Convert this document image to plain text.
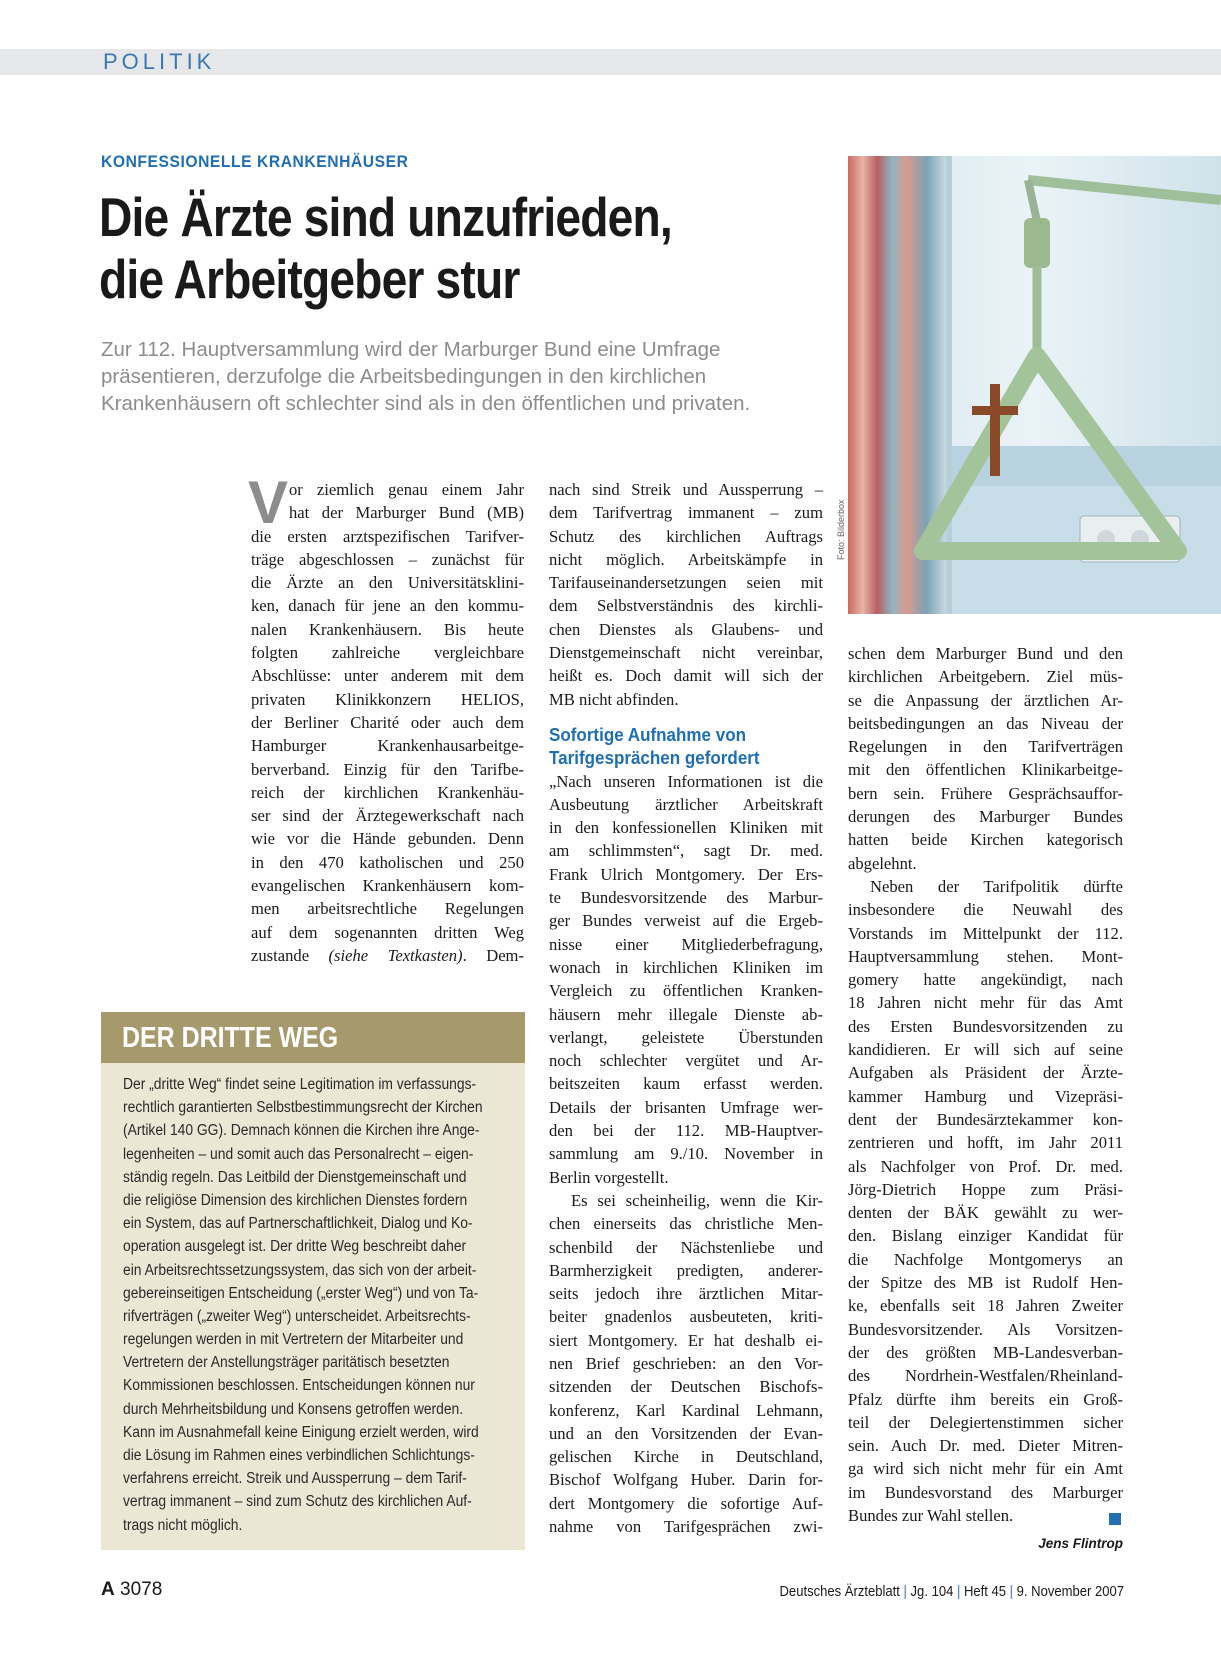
POLITIK
KONFESSIONELLE KRANKENHÄUSER
Die Ärzte sind unzufrieden,
die Arbeitgeber stur
Zur 112. Hauptversammlung wird der Marburger Bund eine Umfrage
präsentieren, derzufolge die Arbeitsbedingungen in den kirchlichen
Krankenhäusern oft schlechter sind als in den öffentlichen und privaten.
Foto: Bilderbox
V or ziemlich genau einem Jahr
hat der Marburger Bund (MB)
die ersten arztspezifischen Tarifver-
träge abgeschlossen – zunächst für
die Ärzte an den Universitätsklini-
ken, danach für jene an den kommu-
nalen Krankenhäusern. Bis heute
folgten zahlreiche vergleichbare
Abschlüsse: unter anderem mit dem
privaten Klinikkonzern HELIOS,
der Berliner Charité oder auch dem
Hamburger Krankenhausarbeitge-
berverband. Einzig für den Tarifbe-
reich der kirchlichen Krankenhäu-
ser sind der Ärztegewerkschaft nach
wie vor die Hände gebunden. Denn
in den 470 katholischen und 250
evangelischen Krankenhäusern kom-
men arbeitsrechtliche Regelungen
auf dem sogenannten dritten Weg
zustande (siehe Textkasten). Dem-
nach sind Streik und Aussperrung –
dem Tarifvertrag immanent – zum
Schutz des kirchlichen Auftrags
nicht möglich. Arbeitskämpfe in
Tarifauseinandersetzungen seien mit
dem Selbstverständnis des kirchli-
chen Dienstes als Glaubens- und
Dienstgemeinschaft nicht vereinbar,
heißt es. Doch damit will sich der
MB nicht abfinden.
Sofortige Aufnahme von
Tarifgesprächen gefordert
„Nach unseren Informationen ist die
Ausbeutung ärztlicher Arbeitskraft
in den konfessionellen Kliniken mit
am schlimmsten“, sagt Dr. med.
Frank Ulrich Montgomery. Der Ers-
te Bundesvorsitzende des Marbur-
ger Bundes verweist auf die Ergeb-
nisse einer Mitgliederbefragung,
wonach in kirchlichen Kliniken im
Vergleich zu öffentlichen Kranken-
häusern mehr illegale Dienste ab-
verlangt, geleistete Überstunden
noch schlechter vergütet und Ar-
beitszeiten kaum erfasst werden.
Details der brisanten Umfrage wer-
den bei der 112. MB-Hauptver-
sammlung am 9./10. November in
Berlin vorgestellt.
Es sei scheinheilig, wenn die Kir-
chen einerseits das christliche Men-
schenbild der Nächstenliebe und
Barmherzigkeit predigten, anderer-
seits jedoch ihre ärztlichen Mitar-
beiter gnadenlos ausbeuteten, kriti-
siert Montgomery. Er hat deshalb ei-
nen Brief geschrieben: an den Vor-
sitzenden der Deutschen Bischofs-
konferenz, Karl Kardinal Lehmann,
und an den Vorsitzenden der Evan-
gelischen Kirche in Deutschland,
Bischof Wolfgang Huber. Darin for-
dert Montgomery die sofortige Auf-
nahme von Tarifgesprächen zwi-
schen dem Marburger Bund und den
kirchlichen Arbeitgebern. Ziel müs-
se die Anpassung der ärztlichen Ar-
beitsbedingungen an das Niveau der
Regelungen in den Tarifverträgen
mit den öffentlichen Klinikarbeitge-
bern sein. Frühere Gesprächsauffor-
derungen des Marburger Bundes
hatten beide Kirchen kategorisch
abgelehnt.
Neben der Tarifpolitik dürfte
insbesondere die Neuwahl des
Vorstands im Mittelpunkt der 112.
Hauptversammlung stehen. Mont-
gomery hatte angekündigt, nach
18 Jahren nicht mehr für das Amt
des Ersten Bundesvorsitzenden zu
kandidieren. Er will sich auf seine
Aufgaben als Präsident der Ärzte-
kammer Hamburg und Vizepräsi-
dent der Bundesärztekammer kon-
zentrieren und hofft, im Jahr 2011
als Nachfolger von Prof. Dr. med.
Jörg-Dietrich Hoppe zum Präsi-
denten der BÄK gewählt zu wer-
den. Bislang einziger Kandidat für
die Nachfolge Montgomerys an
der Spitze des MB ist Rudolf Hen-
ke, ebenfalls seit 18 Jahren Zweiter
Bundesvorsitzender. Als Vorsitzen-
der des größten MB-Landesverban-
des Nordrhein-Westfalen/Rheinland-
Pfalz dürfte ihm bereits ein Groß-
teil der Delegiertenstimmen sicher
sein. Auch Dr. med. Dieter Mitren-
ga wird sich nicht mehr für ein Amt
im Bundesvorstand des Marburger
Bundes zur Wahl stellen.
Jens Flintrop
DER DRITTE WEG
Der „dritte Weg“ findet seine Legitimation im verfassungs-
rechtlich garantierten Selbstbestimmungsrecht der Kirchen
(Artikel 140 GG). Demnach können die Kirchen ihre Ange-
legenheiten – und somit auch das Personalrecht – eigen-
ständig regeln. Das Leitbild der Dienstgemeinschaft und
die religiöse Dimension des kirchlichen Dienstes fordern
ein System, das auf Partnerschaftlichkeit, Dialog und Ko-
operation ausgelegt ist. Der dritte Weg beschreibt daher
ein Arbeitsrechtssetzungssystem, das sich von der arbeit-
gebereinseitigen Entscheidung („erster Weg“) und von Ta-
rifverträgen („zweiter Weg“) unterscheidet. Arbeitsrechts-
regelungen werden in mit Vertretern der Mitarbeiter und
Vertretern der Anstellungsträger paritätisch besetzten
Kommissionen beschlossen. Entscheidungen können nur
durch Mehrheitsbildung und Konsens getroffen werden.
Kann im Ausnahmefall keine Einigung erzielt werden, wird
die Lösung im Rahmen eines verbindlichen Schlichtungs-
verfahrens erreicht. Streik und Aussperrung – dem Tarif-
vertrag immanent – sind zum Schutz des kirchlichen Auf-
trags nicht möglich.
A 3078	Deutsches Ärzteblatt | Jg. 104 | Heft 45 | 9. November 2007
